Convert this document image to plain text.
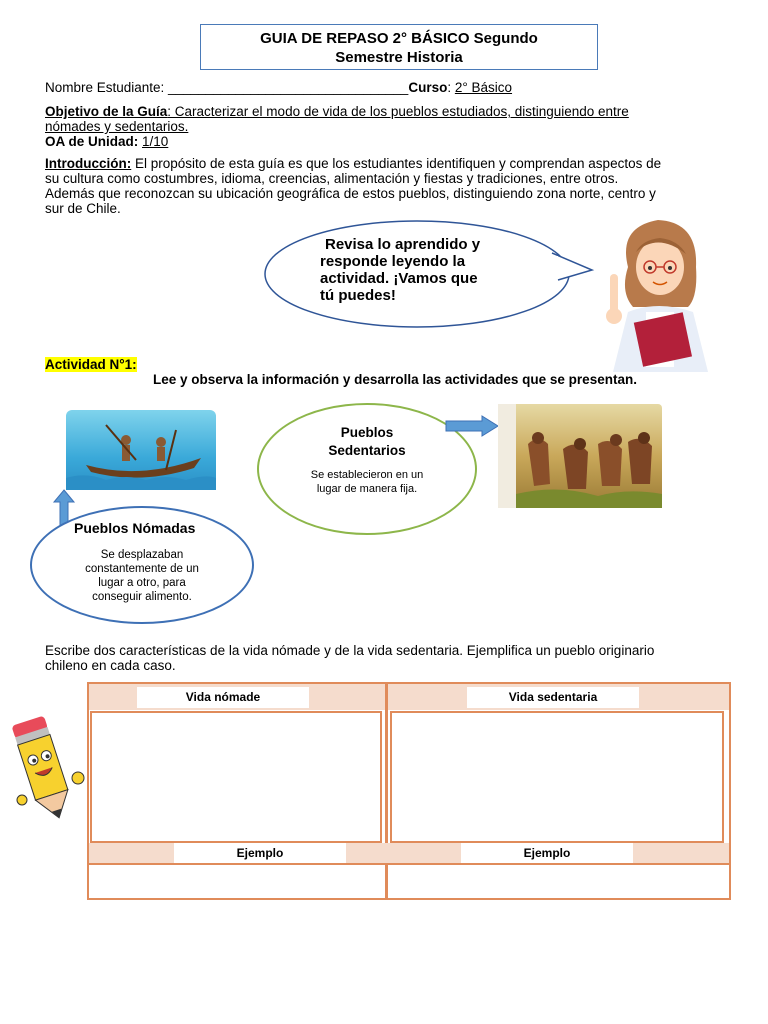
GUIA DE REPASO 2° BÁSICO Segundo
Semestre Historia
Nombre Estudiante: ________________________________Curso: 2° Básico
Objetivo de la Guía: Caracterizar el modo de vida de los pueblos estudiados, distinguiendo entre
nómades y sedentarios.
OA de Unidad: 1/10
Introducción: El propósito de esta guía es que los estudiantes identifiquen y comprendan aspectos de
su cultura como costumbres, idioma, creencias, alimentación y fiestas y tradiciones, entre otros.
Además que reconozcan su ubicación geográfica de estos pueblos, distinguiendo zona norte, centro y
sur de Chile.
Revisa lo aprendido y
responde leyendo la
actividad. ¡Vamos que
tú puedes!
Actividad N°1:
Lee y observa la información y desarrolla las actividades que se presentan.
Pueblos
Sedentarios
Se establecieron en un
lugar de manera fija.
Pueblos Nómadas
Se desplazaban
constantemente de un
lugar a otro, para
conseguir alimento.
Escribe dos características de la vida nómade y de la vida sedentaria. Ejemplifica un pueblo originario
chileno en cada caso.
Vida nómade	Vida sedentaria
Ejemplo	Ejemplo
